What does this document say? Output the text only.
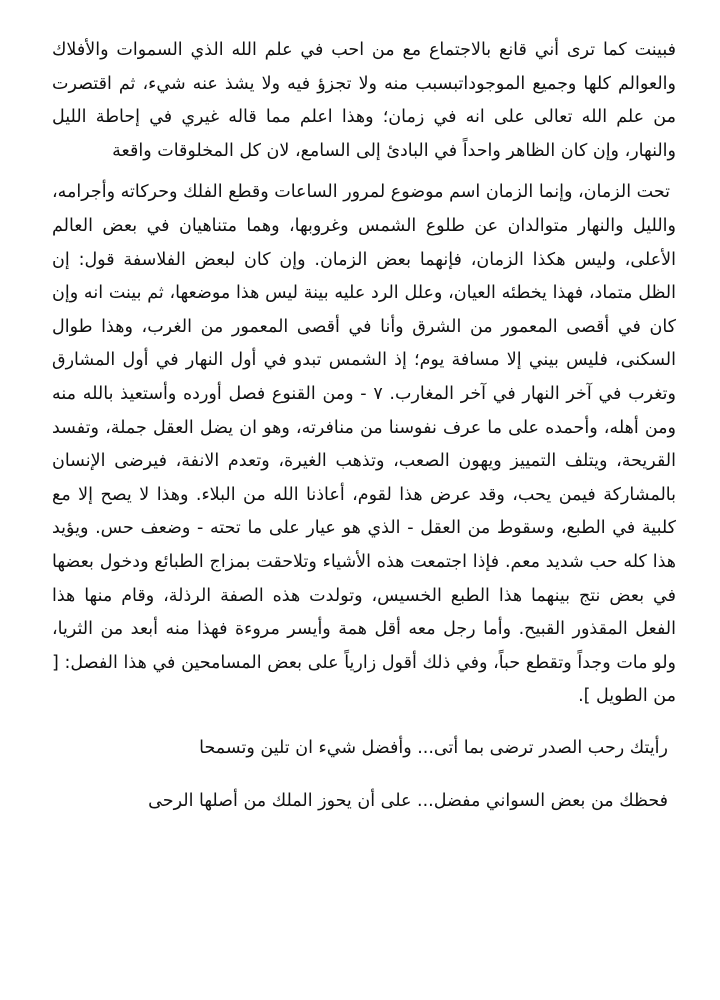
فبينت كما ترى أني قانع بالاجتماع مع من احب في علم الله الذي السموات والأفلاك والعوالم كلها وجميع الموجوداتبسبب منه ولا تجزؤ فيه ولا يشذ عنه شيء، ثم اقتصرت من علم الله تعالى على انه في زمان؛ وهذا اعلم مما قاله غيري في إحاطة الليل والنهار، وإن كان الظاهر واحداً في البادئ إلى السامع، لان كل المخلوقات واقعة

تحت الزمان، وإنما الزمان اسم موضوع لمرور الساعات وقطع الفلك وحركاته وأجرامه، والليل والنهار متوالدان عن طلوع الشمس وغروبها، وهما متناهيان في بعض العالم الأعلى، وليس هكذا الزمان، فإنهما بعض الزمان. وإن كان لبعض الفلاسفة قول: إن الظل متماد، فهذا يخطئه العيان، وعلل الرد عليه بينة ليس هذا موضعها، ثم بينت انه وإن كان في أقصى المعمور من الشرق وأنا في أقصى المعمور من الغرب، وهذا طوال السكنى، فليس بيني إلا مسافة يوم؛ إذ الشمس تبدو في أول النهار في أول المشارق وتغرب في آخر النهار في آخر المغارب. ٧ - ومن القنوع فصل أورده وأستعيذ بالله منه ومن أهله، وأحمده على ما عرف نفوسنا من منافرته، وهو ان يضل العقل جملة، وتفسد القريحة، ويتلف التمييز ويهون الصعب، وتذهب الغيرة، وتعدم الانفة، فيرضى الإنسان بالمشاركة فيمن يحب، وقد عرض هذا لقوم، أعاذنا الله من البلاء. وهذا لا يصح إلا مع كلبية في الطبع، وسقوط من العقل - الذي هو عيار على ما تحته - وضعف حس. ويؤيد هذا كله حب شديد معم. فإذا اجتمعت هذه الأشياء وتلاحقت بمزاج الطبائع ودخول بعضها في بعض نتج بينهما هذا الطبع الخسيس، وتولدت هذه الصفة الرذلة، وقام منها هذا الفعل المقذور القبيح. وأما رجل معه أقل همة وأيسر مروءة فهذا منه أبعد من الثريا، ولو مات وجداً وتقطع حباً، وفي ذلك أقول زارياً على بعض المسامحين في هذا الفصل: [ من الطويل ].

رأيتك رحب الصدر ترضى بما أتى... وأفضل شيء ان تلين وتسمحا

فحظك من بعض السواني مفضل... على أن يحوز الملك من أصلها الرحى
